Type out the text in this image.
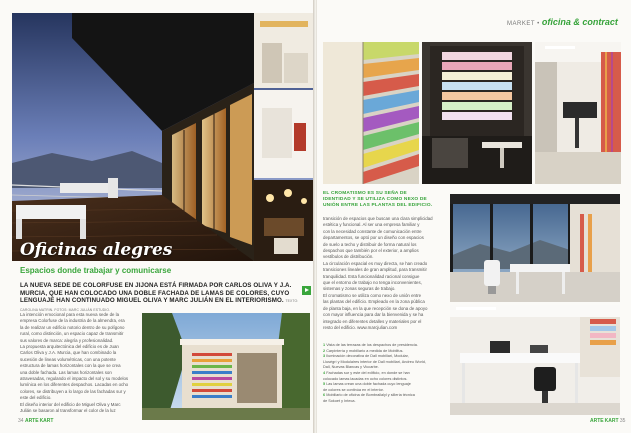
Oficinas alegres
Espacios donde trabajar y comunicarse
LA NUEVA SEDE DE COLORFUSE EN JIJONA ESTÁ FIRMADA POR CARLOS OLIVA Y J.A. MURCIA, QUE HAN COLOCADO UNA DOBLE FACHADA DE LAMAS DE COLORES, CUYO LENGUAJE HAN CONTINUADO MIGUEL OLIVA Y MARC JULIÁN EN EL INTERIORISMO. TEXTO: CAROLINA MATRIN. FOTOS: MARC JULIÁN ESTUDIO.
La intención emocional para esta nueva sede de la
empresa Colorfuse de la industria de la almendra, era
la de realizar un edificio notorio dentro de su polígono
rural, como distinción, un espacio capaz de transmitir
sus valores de marca: alegría y profesionalidad.
La propuesta arquitectónica del edificio es de Juan
Carlos Oliva y J.A. Murcia, que han combinado la
sucesión de lineas volumétricas, con una potente
estructura de lamas horizontales con la que se crea
una doble fachada. Las lamas horizontales son
atravesadas, regulando el impacto del sol y su modelos
lumínica en los diferentes despachos. Lacadas en ocho
colores, se distribuyen a lo largo de las fachadas sur y
este del edificio.
El diseño interior del edificio de Miguel Oliva y Marc
Julián se basaron al transformar el color de la luz
34 ARTE KART
MARKET • oficina & contract
EL CROMATISMO ES SU SEÑA DE
IDENTIDAD Y SE UTILIZA COMO NEXO DE
UNIÓN ENTRE LAS PLANTAS DEL EDIFICIO.
transición de espacios que buscan una clara simplicidad
estética y funcional. Al ser una empresa familiar y
con la necesidad constante de comunicación entre
departamentos, se optó por un diseño con espacios
de suelo a techo y distribuir de forma natural los
despachos que también por el exterior, a amplios
vestíbulos de distribución.
La circulación espacial es muy directa, se han creado
transiciones lineales de gran amplitud, para transmitir
tranquilidad. Esta funcionalidad racional consigue
que el entorno de trabajo no tenga inconvenientes,
sistemas y zonas seguras de trabajo.
El cromatismo se utiliza como nexo de unión entre
las plantas del edificio. Empleado en la zona pública
de planta baja, en la que recepción se dona de apoyo
con mayor influencia para dar la bienvenida y se ha
integrado en diferentes detalles y materiales por el
resto del edificio. www.marcjulian.com
1 Vista de las terrazas de los despachos de presidencia.
2 Carpintería y mobiliario a medida de Mobilfus.
3 Iluminación decorativa de Dall mobiliari, Modular,
Lluségrí y Modulaires interior de Dall mobiliari, Andreu World,
Dall, Nuevas Blancas y Viccarbe.
4 Fachadas sur y este del edificio, en donde se han
colocado lamas lacadas en ocho colores distintos.
5 Las lamas crean una doble fachada cuyo lenguaje
de colores se continúa en el interior.
6 Mobiliario de oficina de Bombrailalyl y sillería técnica
de Sokoet y Inteca.
ARTE KART 35
